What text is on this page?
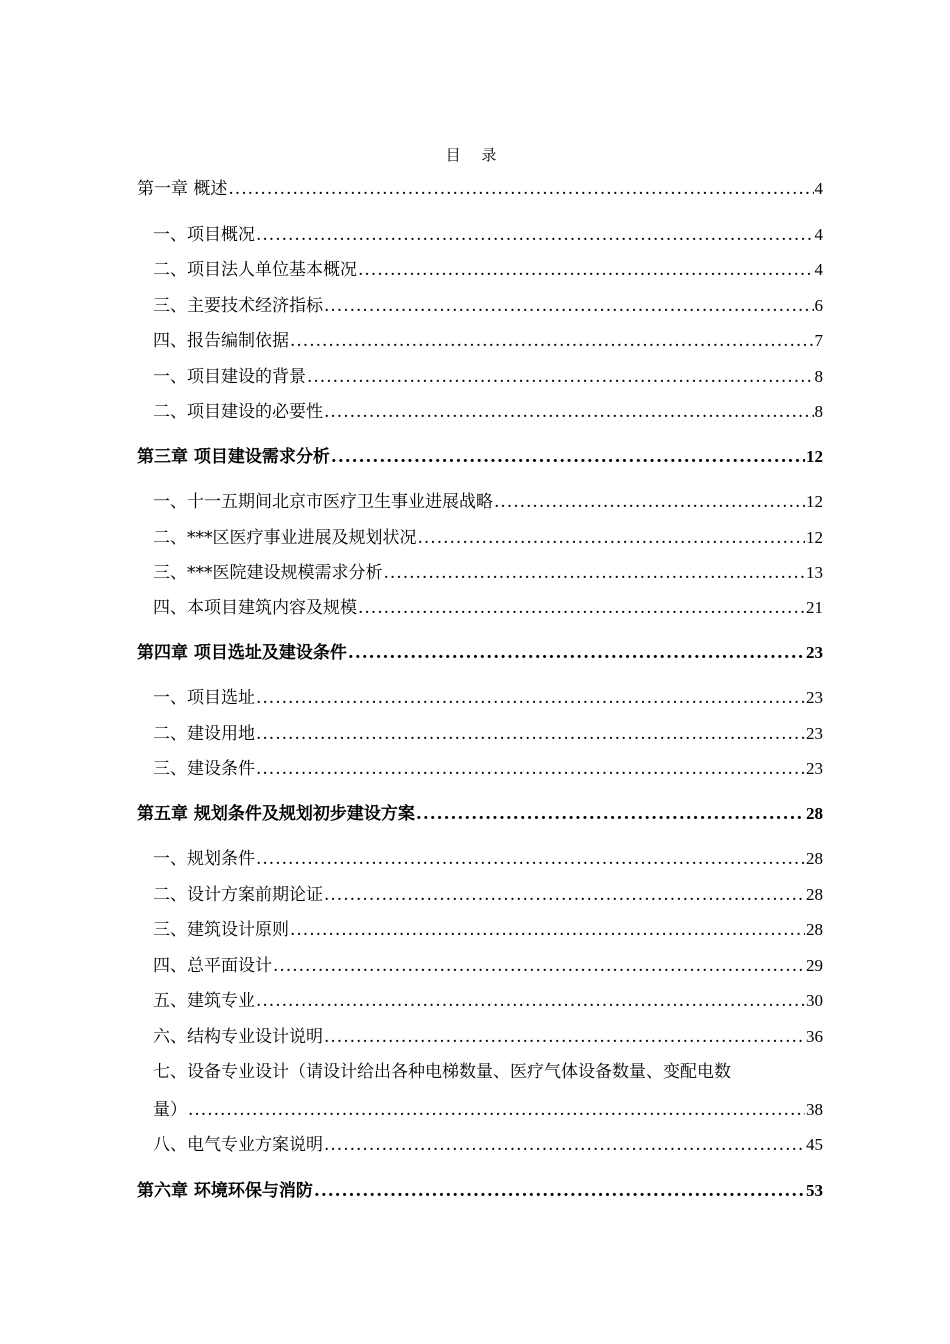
目 录
第一章 概述 .....	4
一、项目概况 .....	4
二、项目法人单位基本概况 .....	4
三、主要技术经济指标 .....	6
四、报告编制依据 .....	7
一、项目建设的背景 .....	8
二、项目建设的必要性 .....	8
第三章 项目建设需求分析 .....	12
一、十一五期间北京市医疗卫生事业进展战略 .....	12
二、***区医疗事业进展及规划状况 .....	12
三、***医院建设规模需求分析 .....	13
四、本项目建筑内容及规模 .....	21
第四章 项目选址及建设条件 .....	23
一、项目选址 .....	23
二、建设用地 .....	23
三、建设条件 .....	23
第五章 规划条件及规划初步建设方案 .....	28
一、规划条件 .....	28
二、设计方案前期论证 .....	28
三、建筑设计原则 .....	28
四、总平面设计 .....	29
五、建筑专业 .....	30
六、结构专业设计说明 .....	36
七、设备专业设计（请设计给出各种电梯数量、医疗气体设备数量、变配电数
量） .....	38
八、电气专业方案说明 .....	45
第六章 环境环保与消防 .....	53
